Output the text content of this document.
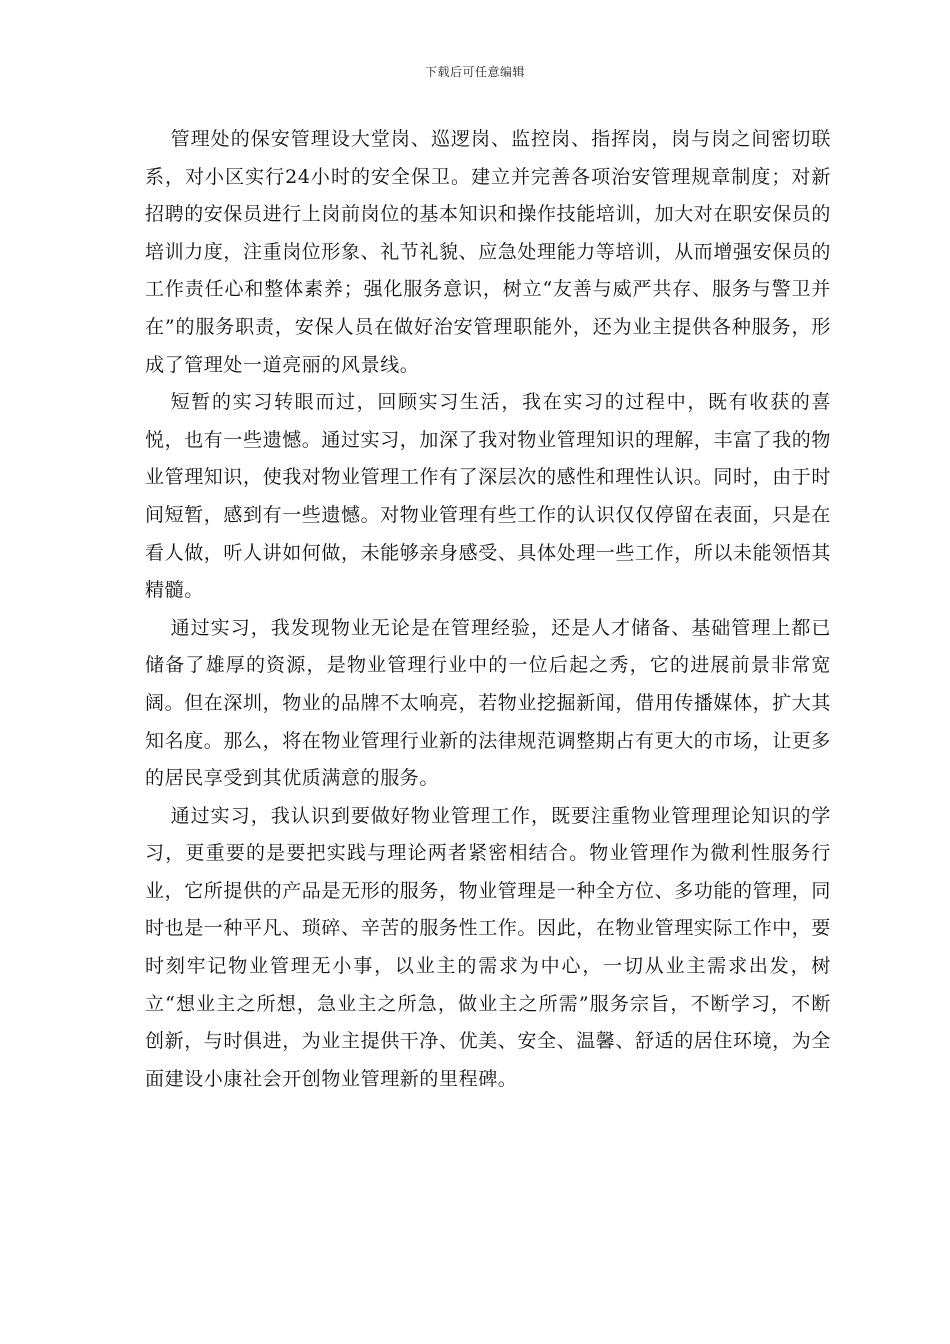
下载后可任意编辑

管理处的保安管理设大堂岗、巡逻岗、监控岗、指挥岗，岗与岗之间密切联系，对小区实行24小时的安全保卫。建立并完善各项治安管理规章制度；对新招聘的安保员进行上岗前岗位的基本知识和操作技能培训，加大对在职安保员的培训力度，注重岗位形象、礼节礼貌、应急处理能力等培训，从而增强安保员的工作责任心和整体素养；强化服务意识，树立“友善与威严共存、服务与警卫并在”的服务职责，安保人员在做好治安管理职能外，还为业主提供各种服务，形成了管理处一道亮丽的风景线。

短暂的实习转眼而过，回顾实习生活，我在实习的过程中，既有收获的喜悦，也有一些遗憾。通过实习，加深了我对物业管理知识的理解，丰富了我的物业管理知识，使我对物业管理工作有了深层次的感性和理性认识。同时，由于时间短暂，感到有一些遗憾。对物业管理有些工作的认识仅仅停留在表面，只是在看人做，听人讲如何做，未能够亲身感受、具体处理一些工作，所以未能领悟其精髓。

通过实习，我发现物业无论是在管理经验，还是人才储备、基础管理上都已储备了雄厚的资源，是物业管理行业中的一位后起之秀，它的进展前景非常宽阔。但在深圳，物业的品牌不太响亮，若物业挖掘新闻，借用传播媒体，扩大其知名度。那么，将在物业管理行业新的法律规范调整期占有更大的市场，让更多的居民享受到其优质满意的服务。

通过实习，我认识到要做好物业管理工作，既要注重物业管理理论知识的学习，更重要的是要把实践与理论两者紧密相结合。物业管理作为微利性服务行业，它所提供的产品是无形的服务，物业管理是一种全方位、多功能的管理，同时也是一种平凡、琐碎、辛苦的服务性工作。因此，在物业管理实际工作中，要时刻牢记物业管理无小事，以业主的需求为中心，一切从业主需求出发，树立“想业主之所想，急业主之所急，做业主之所需”服务宗旨，不断学习，不断创新，与时俱进，为业主提供干净、优美、安全、温馨、舒适的居住环境，为全面建设小康社会开创物业管理新的里程碑。
